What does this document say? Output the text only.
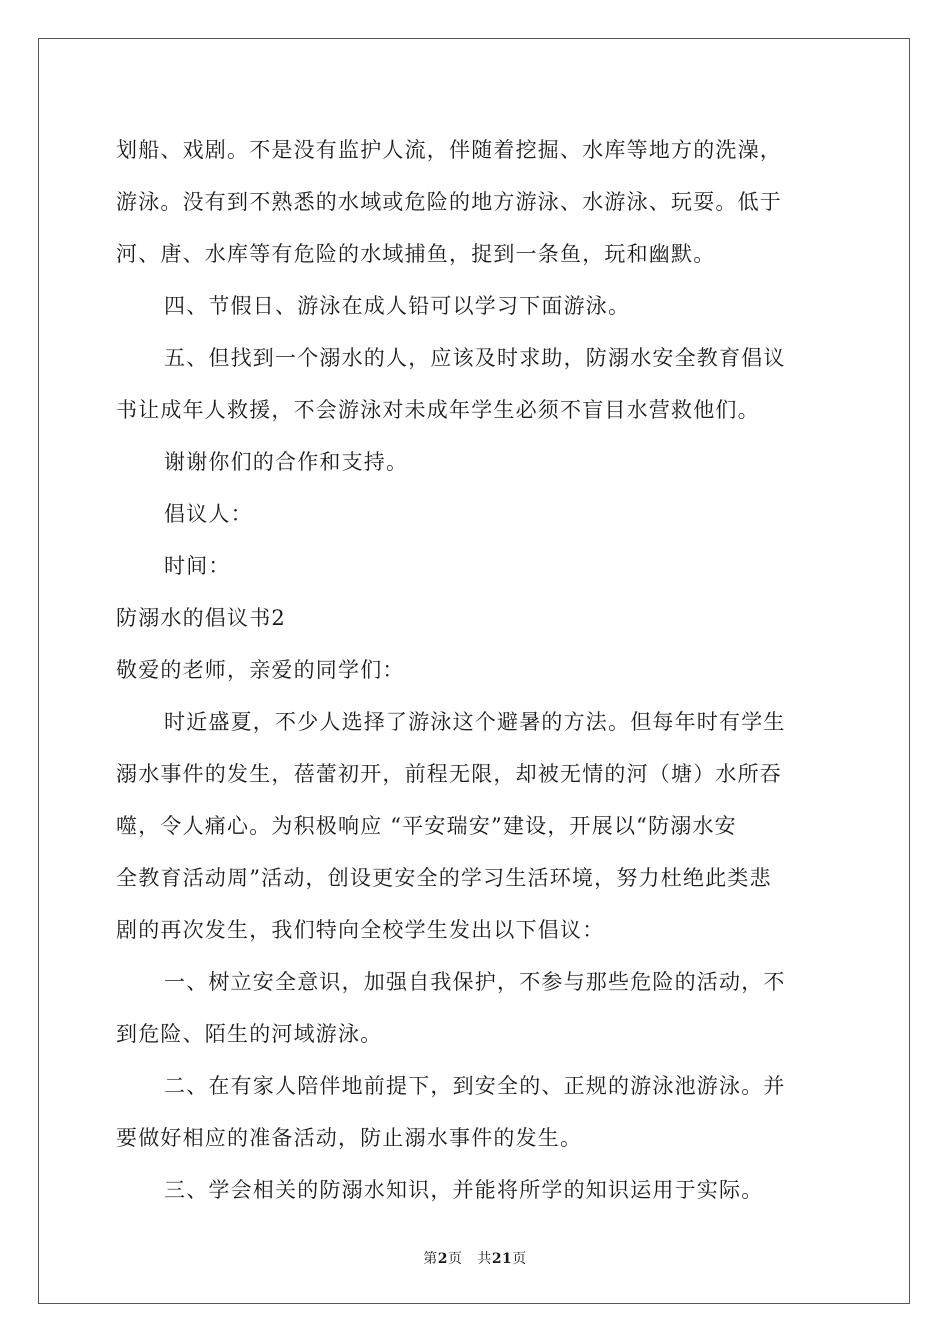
划船、戏剧。不是没有监护人流，伴随着挖掘、水库等地方的洗澡，
游泳。没有到不熟悉的水域或危险的地方游泳、水游泳、玩耍。低于
河、唐、水库等有危险的水域捕鱼，捉到一条鱼，玩和幽默。
四、节假日、游泳在成人铅可以学习下面游泳。
五、但找到一个溺水的人，应该及时求助，防溺水安全教育倡议
书让成年人救援，不会游泳对未成年学生必须不盲目水营救他们。
谢谢你们的合作和支持。
倡议人：
时间：
防溺水的倡议书2
敬爱的老师，亲爱的同学们：
时近盛夏，不少人选择了游泳这个避暑的方法。但每年时有学生
溺水事件的发生，蓓蕾初开，前程无限，却被无情的河（塘）水所吞
噬，令人痛心。为积极响应 “平安瑞安”建设，开展以“防溺水安
全教育活动周”活动，创设更安全的学习生活环境，努力杜绝此类悲
剧的再次发生，我们特向全校学生发出以下倡议：
一、树立安全意识，加强自我保护，不参与那些危险的活动，不
到危险、陌生的河域游泳。
二、在有家人陪伴地前提下，到安全的、正规的游泳池游泳。并
要做好相应的准备活动，防止溺水事件的发生。
三、学会相关的防溺水知识，并能将所学的知识运用于实际。
第2页 共21页
